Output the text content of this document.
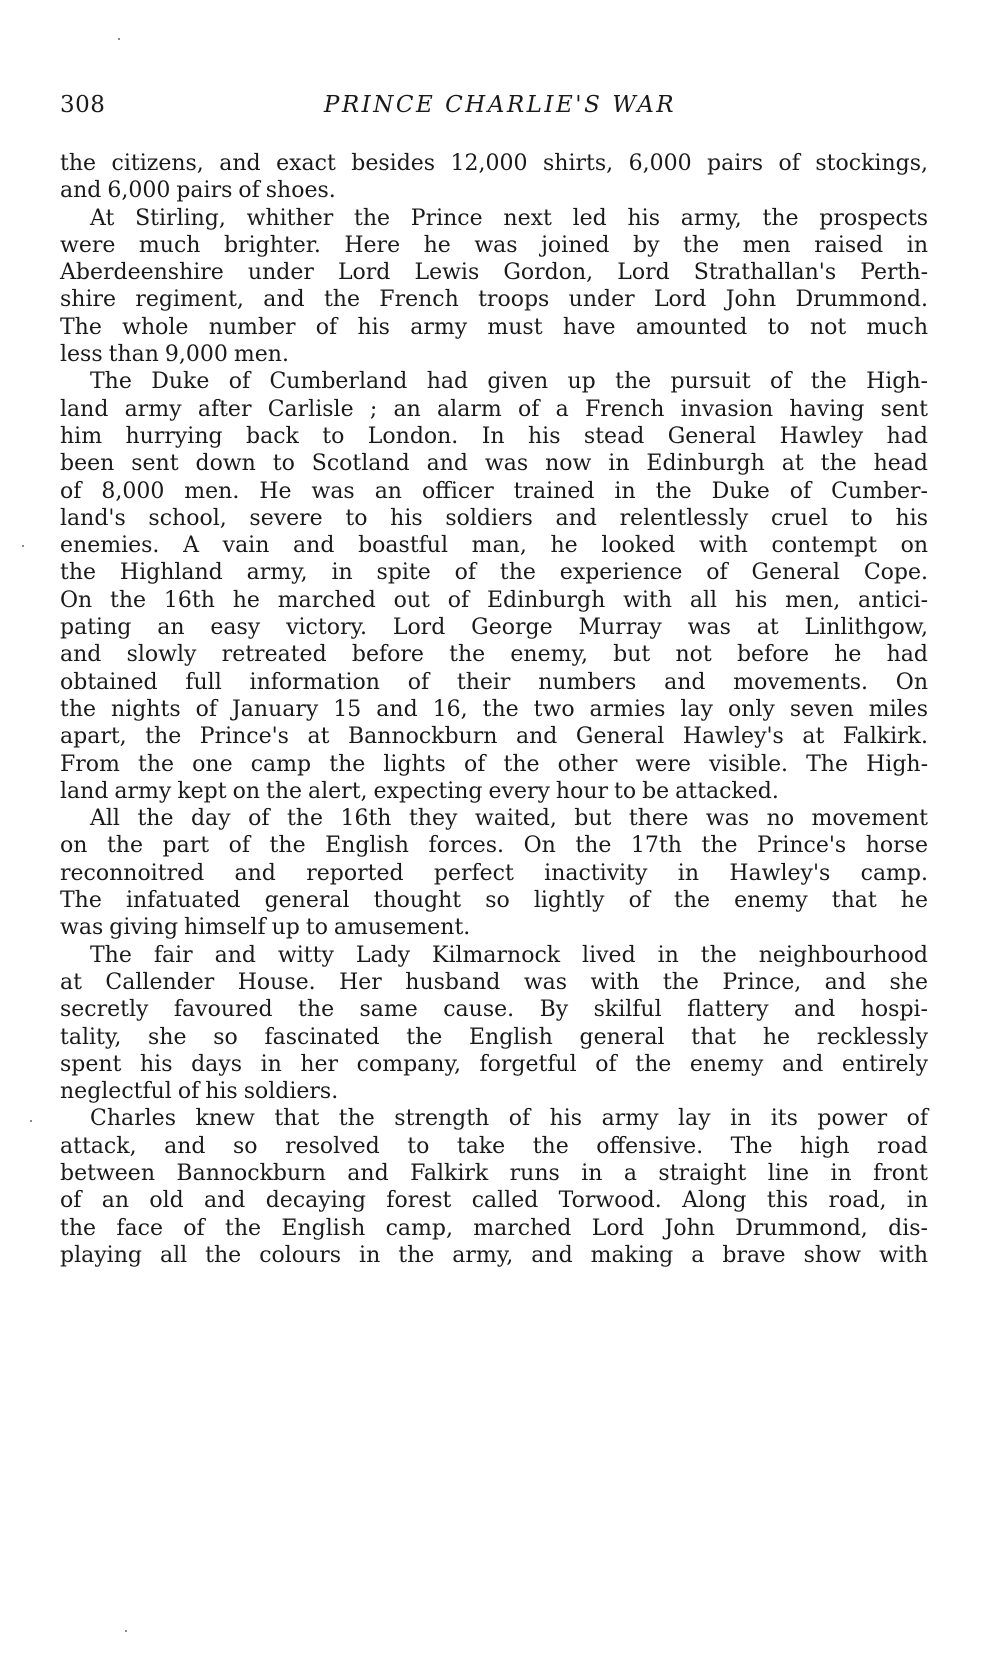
308	PRINCE CHARLIE'S WAR
the citizens, and exact besides 12,000 shirts, 6,000 pairs of stockings,
and 6,000 pairs of shoes.
At Stirling, whither the Prince next led his army, the prospects
were much brighter. Here he was joined by the men raised in
Aberdeenshire under Lord Lewis Gordon, Lord Strathallan's Perth-
shire regiment, and the French troops under Lord John Drummond.
The whole number of his army must have amounted to not much
less than 9,000 men.
The Duke of Cumberland had given up the pursuit of the High-
land army after Carlisle ; an alarm of a French invasion having sent
him hurrying back to London. In his stead General Hawley had
been sent down to Scotland and was now in Edinburgh at the head
of 8,000 men. He was an officer trained in the Duke of Cumber-
land's school, severe to his soldiers and relentlessly cruel to his
enemies. A vain and boastful man, he looked with contempt on
the Highland army, in spite of the experience of General Cope.
On the 16th he marched out of Edinburgh with all his men, antici-
pating an easy victory. Lord George Murray was at Linlithgow,
and slowly retreated before the enemy, but not before he had
obtained full information of their numbers and movements. On
the nights of January 15 and 16, the two armies lay only seven miles
apart, the Prince's at Bannockburn and General Hawley's at Falkirk.
From the one camp the lights of the other were visible. The High-
land army kept on the alert, expecting every hour to be attacked.
All the day of the 16th they waited, but there was no movement
on the part of the English forces. On the 17th the Prince's horse
reconnoitred and reported perfect inactivity in Hawley's camp.
The infatuated general thought so lightly of the enemy that he
was giving himself up to amusement.
The fair and witty Lady Kilmarnock lived in the neighbourhood
at Callender House. Her husband was with the Prince, and she
secretly favoured the same cause. By skilful flattery and hospi-
tality, she so fascinated the English general that he recklessly
spent his days in her company, forgetful of the enemy and entirely
neglectful of his soldiers.
Charles knew that the strength of his army lay in its power of
attack, and so resolved to take the offensive. The high road
between Bannockburn and Falkirk runs in a straight line in front
of an old and decaying forest called Torwood. Along this road, in
the face of the English camp, marched Lord John Drummond, dis-
playing all the colours in the army, and making a brave show with
